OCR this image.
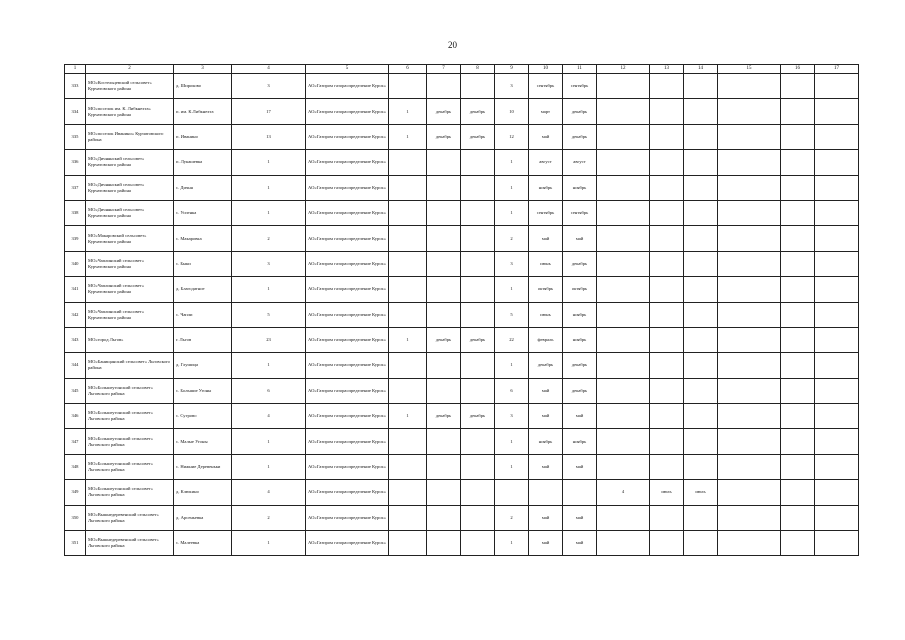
20
1	2	3	4	5	6	7	8	9	10	11	12	13	14	15	16	17
333	МО«Костельцевский сельсовет» Курчатовского района	д. Широково	3	АО«Газпром газораспределение Курск»				3	сентябрь	сентябрь						
334	МО«поселок им. К. Либкнехта» Курчатовского района	п. им. К.Либкнехта	17	АО«Газпром газораспределение Курск»	1	декабрь	декабрь	10	март	декабрь						
335	МО«поселок Иванино» Курчатовского района	п. Иванино	13	АО«Газпром газораспределение Курск»	1	декабрь	декабрь	12	май	декабрь						
336	МО«Дичнянский сельсовет» Курчатовского района	п. Лукашевка	1	АО«Газпром газораспределение Курск»				1	август	август						
337	МО«Дичнянский сельсовет» Курчатовского района	с. Дичня	1	АО«Газпром газораспределение Курск»				1	ноябрь	ноябрь						
338	МО«Дичнянский сельсовет» Курчатовского района	с. Успенка	1	АО«Газпром газораспределение Курск»				1	сентябрь	сентябрь						
339	МО«Макаровский сельсовет» Курчатовского района	с. Макаровка	2	АО«Газпром газораспределение Курск»				2	май	май						
340	МО«Чаплинский сельсовет» Курчатовского района	с. Быки	3	АО«Газпром газораспределение Курск»				3	июнь	декабрь						
341	МО«Чаплинский сельсовет» Курчатовского района	д. Благодатное	1	АО«Газпром газораспределение Курск»				1	октябрь	октябрь						
342	МО«Чаплинский сельсовет» Курчатовского района	с. Чапли	5	АО«Газпром газораспределение Курск»				5	июнь	ноябрь						
343	МО«город Льгов»	г. Льгов	23	АО«Газпром газораспределение Курск»	1	декабрь	декабрь	22	февраль	ноябрь						
344	МО«Банищанский сельсовет» Льговского района	д. Глушица	1	АО«Газпром газораспределение Курск»				1	декабрь	декабрь						
345	МО«Большеугонский сельсовет» Льговского района	с. Большие Угоны	6	АО«Газпром газораспределение Курск»				6	май	декабрь						
346	МО«Большеугонский сельсовет» Льговского района	с. Сугрово	4	АО«Газпром газораспределение Курск»	1	декабрь	декабрь	3	май	май						
347	МО«Большеугонский сельсовет» Льговского района	с. Малые Угоны	1	АО«Газпром газораспределение Курск»				1	ноябрь	ноябрь						
348	МО«Большеугонский сельсовет» Льговского района	с. Нижние Деревеньки	1	АО«Газпром газораспределение Курск»				1	май	май						
349	МО«Большеугонский сельсовет» Льговского района	д. Клюкино	4	АО«Газпром газораспределение Курск»							4	июль	июль			
350	МО«Вышнедеревенский сельсовет» Льговского района	д. Арсеньевка	2	АО«Газпром газораспределение Курск»				2	май	май						
351	МО«Вышнедеревенский сельсовет» Льговского района	с. Малеевка	1	АО«Газпром газораспределение Курск»				1	май	май						
